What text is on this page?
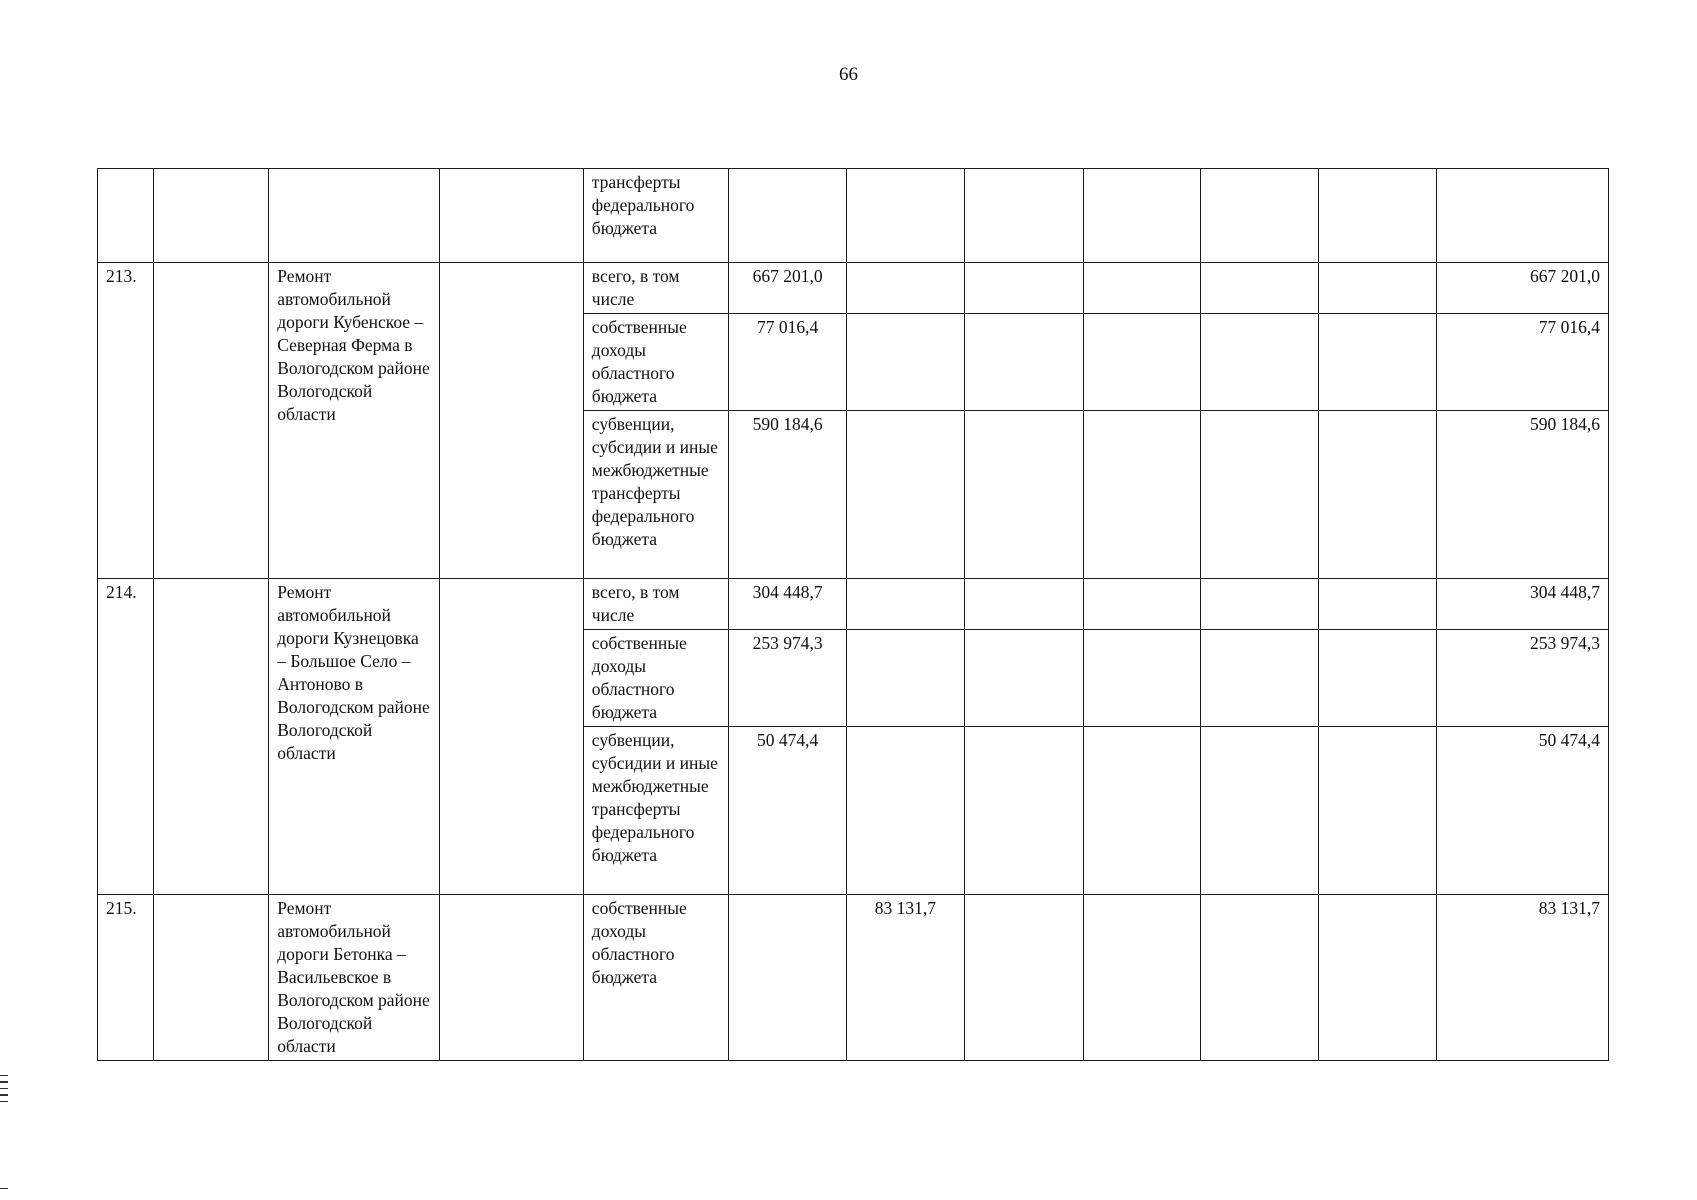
66
				трансферты федерального бюджета							
213.		Ремонт автомобильной дороги Кубенское – Северная Ферма в Вологодском районе Вологодской области		всего, в том числе	667 201,0						667 201,0
				собственные доходы областного бюджета	77 016,4						77 016,4
				субвенции, субсидии и иные межбюджетные трансферты федерального бюджета	590 184,6						590 184,6
214.		Ремонт автомобильной дороги Кузнецовка – Большое Село – Антоново в Вологодском районе Вологодской области		всего, в том числе	304 448,7						304 448,7
				собственные доходы областного бюджета	253 974,3						253 974,3
				субвенции, субсидии и иные межбюджетные трансферты федерального бюджета	50 474,4						50 474,4
215.		Ремонт автомобильной дороги Бетонка – Васильевское в Вологодском районе Вологодской области		собственные доходы областного бюджета		83 131,7					83 131,7
